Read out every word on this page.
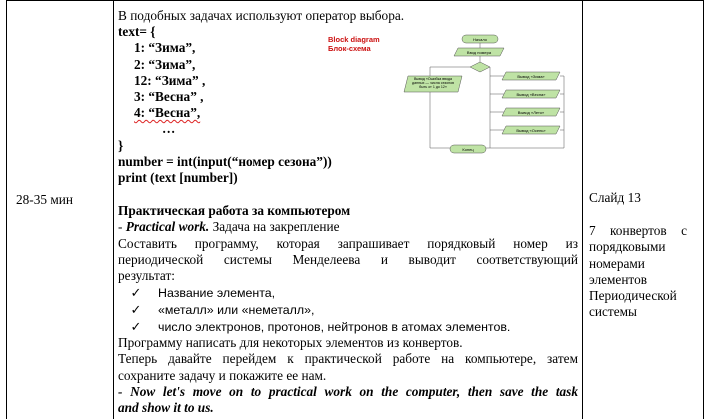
28-35 мин	Слайд 13
7 конвертов с
порядковыми
номерами
элементов
Периодической
системы
В подобных задачах используют оператор выбора.
text= {
1: “Зима”,
2: “Зима”,
12: “Зима” ,
3: “Весна” ,
4: “Весна”,
…
}
number = int(input(“номер сезона”))
print (text [number])
Практическая работа за компьютером
- Practical work. Задача на закрепление
Составить программу, которая запрашивает порядковый номер из
периодической системы Менделеева и выводит соответствующий
результат:
✓ Название элемента,
✓ «металл» или «неметалл»,
✓ число электронов, протонов, нейтронов в атомах элементов.
Программу написать для некоторых элементов из конвертов.
Теперь давайте перейдем к практической работе на компьютере, затем
сохраните задачу и покажите ее нам.
- Now let's move on to practical work on the computer, then save the task
and show it to us.
Block diagram
Блок-схема
Начало
Ввод номера
Вывод «Ошибка ввода данных — числа сезонов быть от 1 до 12»
Вывод «Зима»
Вывод «Весна»
Вывод «Лето»
Вывод «Осень»
Конец
